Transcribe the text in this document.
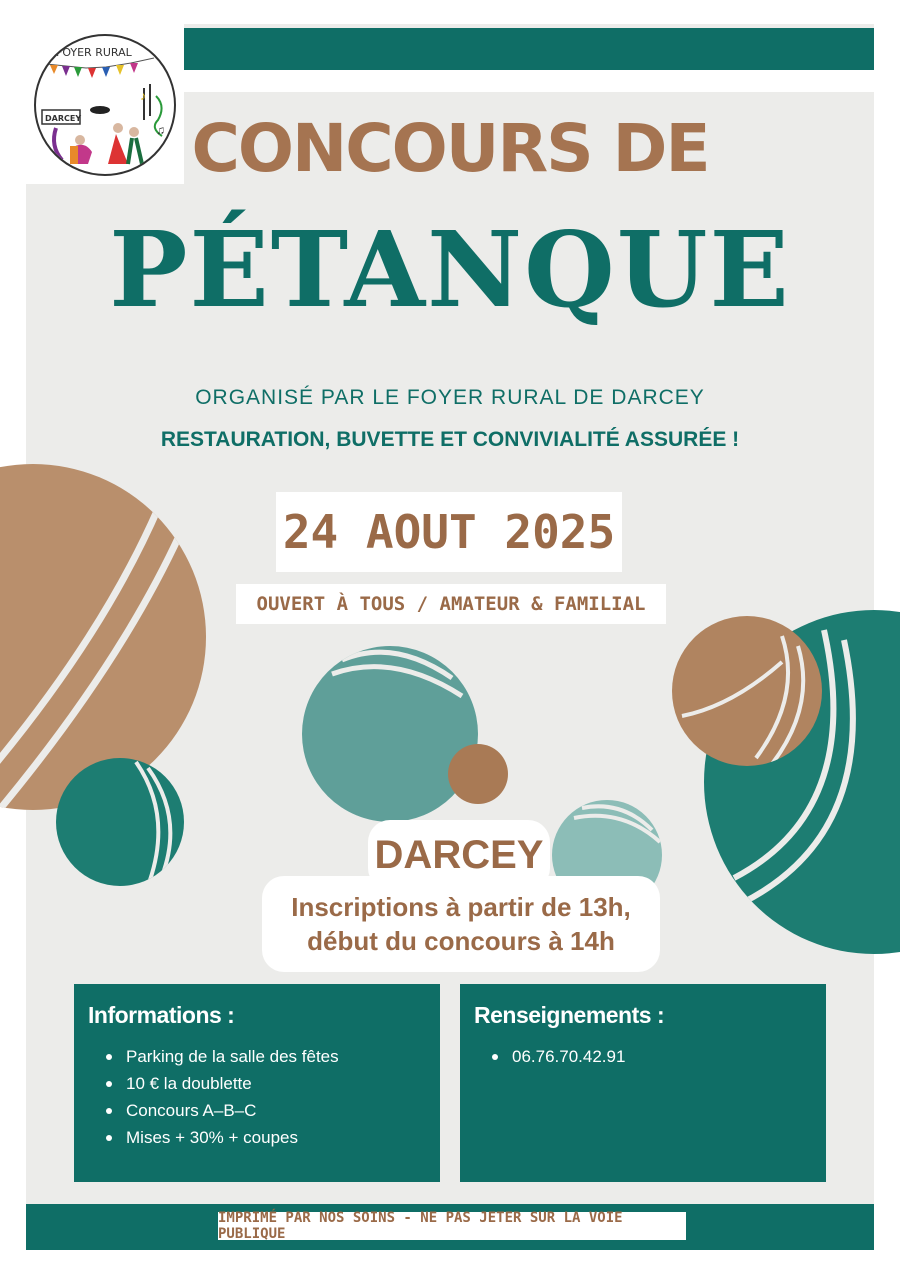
FOYER RURAL
DARCEY
♪
♫ CONCOURS DE
PÉTANQUE
ORGANISÉ PAR LE FOYER RURAL DE DARCEY
RESTAURATION, BUVETTE ET CONVIVIALITÉ ASSURÉE !
24 AOUT 2025
OUVERT À TOUS / AMATEUR & FAMILIAL
DARCEY
Inscriptions à partir de 13h,
début du concours à 14h
Informations :
Parking de la salle des fêtes
10 € la doublette
Concours A–B–C
Mises + 30% + coupes
Renseignements :
06.76.70.42.91
IMPRIMÉ PAR NOS SOINS - NE PAS JETER SUR LA VOIE PUBLIQUE
